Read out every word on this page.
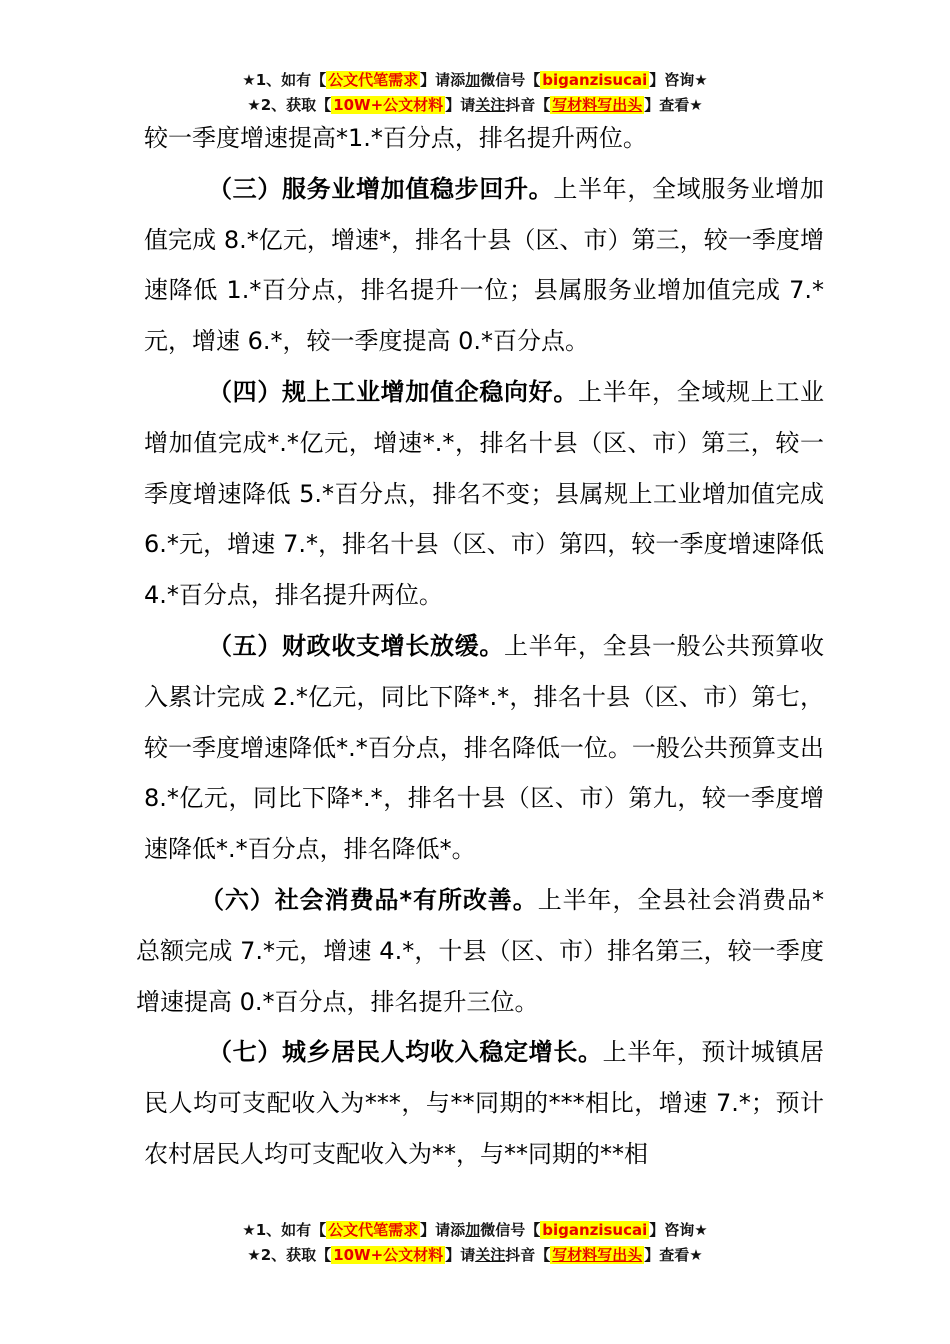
★1、如有【 公文代笔需求 】请添加微信号【 biganzisucai 】咨询★
★2、获取【 10W+公文材料 】请关注抖音【 写材料写出头 】查看★

较一季度增速提高*1.*百分点，排名提升两位。

（三）服务业增加值稳步回升。上半年，全域服务业增加值完成 8.*亿元，增速*，排名十县（区、市）第三，较一季度增速降低 1.*百分点，排名提升一位；县属服务业增加值完成 7.*元，增速 6.*，较一季度提高 0.*百分点。

（四）规上工业增加值企稳向好。上半年，全域规上工业增加值完成*.*亿元，增速*.*，排名十县（区、市）第三，较一季度增速降低 5.*百分点，排名不变；县属规上工业增加值完成 6.*元，增速 7.*，排名十县（区、市）第四，较一季度增速降低 4.*百分点，排名提升两位。

（五）财政收支增长放缓。上半年，全县一般公共预算收入累计完成 2.*亿元，同比下降*.*，排名十县（区、市）第七，较一季度增速降低*.*百分点，排名降低一位。一般公共预算支出 8.*亿元，同比下降*.*，排名十县（区、市）第九，较一季度增速降低*.*百分点，排名降低*。

（六）社会消费品*有所改善。上半年，全县社会消费品*总额完成 7.*元，增速 4.*，十县（区、市）排名第三，较一季度增速提高 0.*百分点，排名提升三位。

（七）城乡居民人均收入稳定增长。上半年，预计城镇居民人均可支配收入为***，与**同期的***相比，增速 7.*；预计农村居民人均可支配收入为**，与**同期的**相

★1、如有【 公文代笔需求 】请添加微信号【 biganzisucai 】咨询★
★2、获取【 10W+公文材料 】请关注抖音【 写材料写出头 】查看★
